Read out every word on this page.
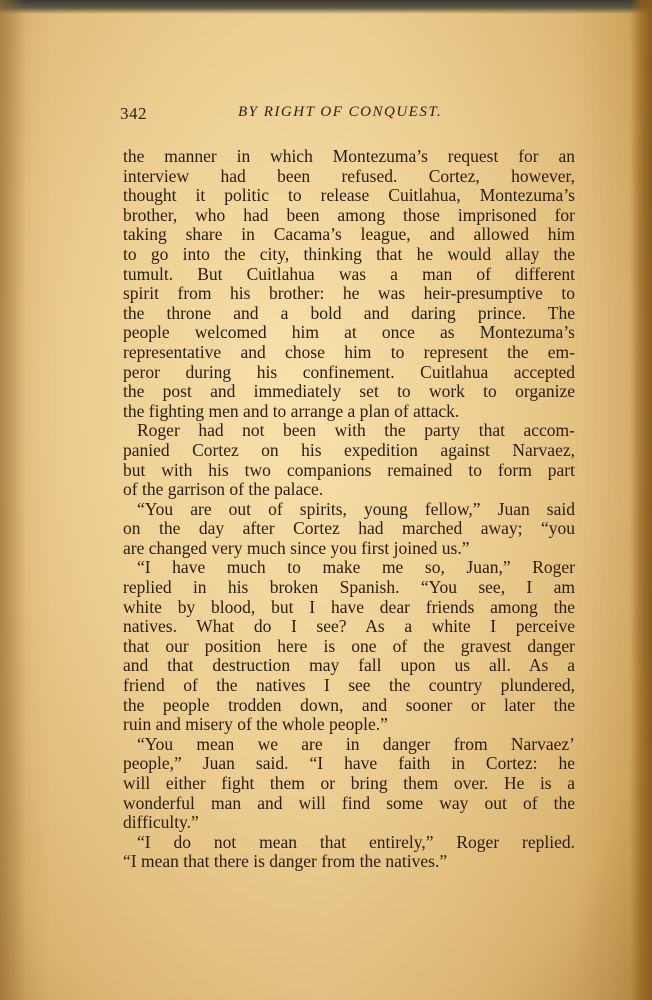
342	BY RIGHT OF CONQUEST.
the manner in which Montezuma’s request for an
interview had been refused. Cortez, however,
thought it politic to release Cuitlahua, Montezuma’s
brother, who had been among those imprisoned for
taking share in Cacama’s league, and allowed him
to go into the city, thinking that he would allay the
tumult. But Cuitlahua was a man of different
spirit from his brother: he was heir-presumptive to
the throne and a bold and daring prince. The
people welcomed him at once as Montezuma’s
representative and chose him to represent the em-
peror during his confinement. Cuitlahua accepted
the post and immediately set to work to organize
the fighting men and to arrange a plan of attack.
Roger had not been with the party that accom-
panied Cortez on his expedition against Narvaez,
but with his two companions remained to form part
of the garrison of the palace.
“You are out of spirits, young fellow,” Juan said
on the day after Cortez had marched away; “you
are changed very much since you first joined us.”
“I have much to make me so, Juan,” Roger
replied in his broken Spanish. “You see, I am
white by blood, but I have dear friends among the
natives. What do I see? As a white I perceive
that our position here is one of the gravest danger
and that destruction may fall upon us all. As a
friend of the natives I see the country plundered,
the people trodden down, and sooner or later the
ruin and misery of the whole people.”
“You mean we are in danger from Narvaez’
people,” Juan said. “I have faith in Cortez: he
will either fight them or bring them over. He is a
wonderful man and will find some way out of the
difficulty.”
“I do not mean that entirely,” Roger replied.
“I mean that there is danger from the natives.”
